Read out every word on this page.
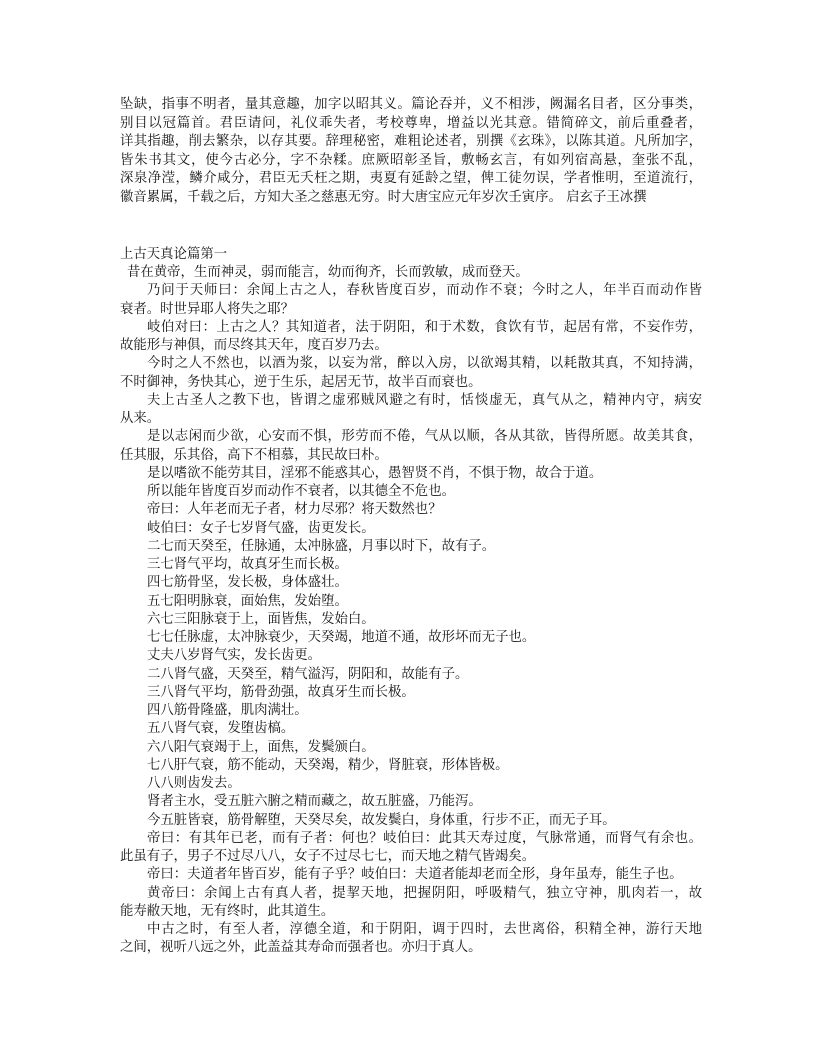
坠缺，指事不明者，量其意趣，加字以昭其义。篇论吞并，义不相涉，阙漏名目者，区分事类，
别目以冠篇首。君臣请问，礼仪乖失者，考校尊卑，增益以光其意。错简碎文，前后重叠者，
详其指趣，削去繁杂，以存其要。辞理秘密，难粗论述者，别撰《玄珠》，以陈其道。凡所加字，
皆朱书其文，使今古必分，字不杂糅。庶厥昭彰圣旨，敷畅玄言，有如列宿高悬，奎张不乱，
深泉净滢，鳞介咸分，君臣无夭枉之期，夷夏有延龄之望，俾工徒勿误，学者惟明，至道流行，
徽音累属，千载之后，方知大圣之慈惠无穷。时大唐宝应元年岁次壬寅序。 启玄子王冰撰
上古天真论篇第一
昔在黄帝，生而神灵，弱而能言，幼而徇齐，长而敦敏，成而登天。
乃问于天师曰：余闻上古之人，春秋皆度百岁，而动作不衰；今时之人，年半百而动作皆
衰者。时世异耶人将失之耶？
岐伯对曰：上古之人？其知道者，法于阴阳，和于术数，食饮有节，起居有常，不妄作劳，
故能形与神俱，而尽终其天年，度百岁乃去。
今时之人不然也，以酒为浆，以妄为常，醉以入房，以欲竭其精，以耗散其真，不知持满，
不时御神，务快其心，逆于生乐，起居无节，故半百而衰也。
夫上古圣人之教下也，皆谓之虚邪贼风避之有时，恬惔虚无，真气从之，精神内守，病安
从来。
是以志闲而少欲，心安而不惧，形劳而不倦，气从以顺，各从其欲，皆得所愿。故美其食，
任其服，乐其俗，高下不相慕，其民故曰朴。
是以嗜欲不能劳其目，淫邪不能惑其心，愚智贤不肖，不惧于物，故合于道。
所以能年皆度百岁而动作不衰者，以其德全不危也。
帝曰：人年老而无子者，材力尽邪？将天数然也？
岐伯曰：女子七岁肾气盛，齿更发长。
二七而天癸至，任脉通，太冲脉盛，月事以时下，故有子。
三七肾气平均，故真牙生而长极。
四七筋骨坚，发长极，身体盛壮。
五七阳明脉衰，面始焦，发始堕。
六七三阳脉衰于上，面皆焦，发始白。
七七任脉虚，太冲脉衰少，天癸竭，地道不通，故形坏而无子也。
丈夫八岁肾气实，发长齿更。
二八肾气盛，天癸至，精气溢泻，阴阳和，故能有子。
三八肾气平均，筋骨劲强，故真牙生而长极。
四八筋骨隆盛，肌肉满壮。
五八肾气衰，发堕齿槁。
六八阳气衰竭于上，面焦，发鬓颁白。
七八肝气衰，筋不能动，天癸竭，精少，肾脏衰，形体皆极。
八八则齿发去。
肾者主水，受五脏六腑之精而藏之，故五脏盛，乃能泻。
今五脏皆衰，筋骨解堕，天癸尽矣，故发鬓白，身体重，行步不正，而无子耳。
帝曰：有其年已老，而有子者：何也？岐伯曰：此其天寿过度，气脉常通，而肾气有余也。
此虽有子，男子不过尽八八，女子不过尽七七，而天地之精气皆竭矣。
帝曰：夫道者年皆百岁，能有子乎？岐伯曰：夫道者能却老而全形，身年虽寿，能生子也。
黄帝曰：余闻上古有真人者，提挈天地，把握阴阳，呼吸精气，独立守神，肌肉若一，故
能寿敝天地，无有终时，此其道生。
中古之时，有至人者，淳德全道，和于阴阳，调于四时，去世离俗，积精全神，游行天地
之间，视听八远之外，此盖益其寿命而强者也。亦归于真人。
